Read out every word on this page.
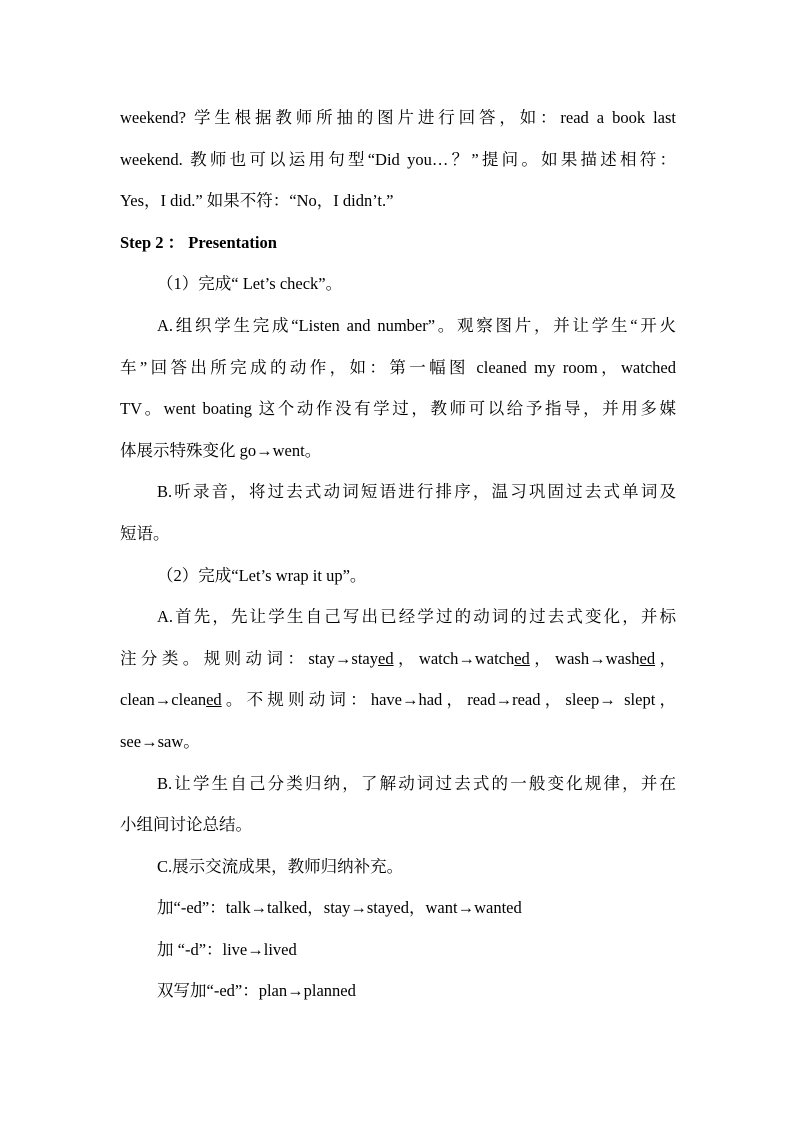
weekend? 学生根据教师所抽的图片进行回答，如：read a book last
weekend. 教师也可以运用句型“Did you…？”提问。如果描述相符：
Yes，I did.” 如果不符：“No，I didn’t.”
Step 2 ： Presentation
（1）完成“ Let’s check”。
A.组织学生完成“Listen and number”。观察图片，并让学生“开火
车”回答出所完成的动作，如：第一幅图 cleaned my room，watched
TV。went boating 这个动作没有学过，教师可以给予指导，并用多媒
体展示特殊变化 go→went。
B.听录音，将过去式动词短语进行排序，温习巩固过去式单词及
短语。
（2）完成“Let’s wrap it up”。
A.首先，先让学生自己写出已经学过的动词的过去式变化，并标
注分类。规则动词：stay→stayed，watch→watched，wash→washed，
clean→cleaned。不规则动词：have→had，read→read，sleep→ slept，
see→saw。
B.让学生自己分类归纳，了解动词过去式的一般变化规律，并在
小组间讨论总结。
C.展示交流成果，教师归纳补充。
加“-ed”：talk→talked，stay→stayed，want→wanted
加 “-d”：live→lived
双写加“-ed”：plan→planned
